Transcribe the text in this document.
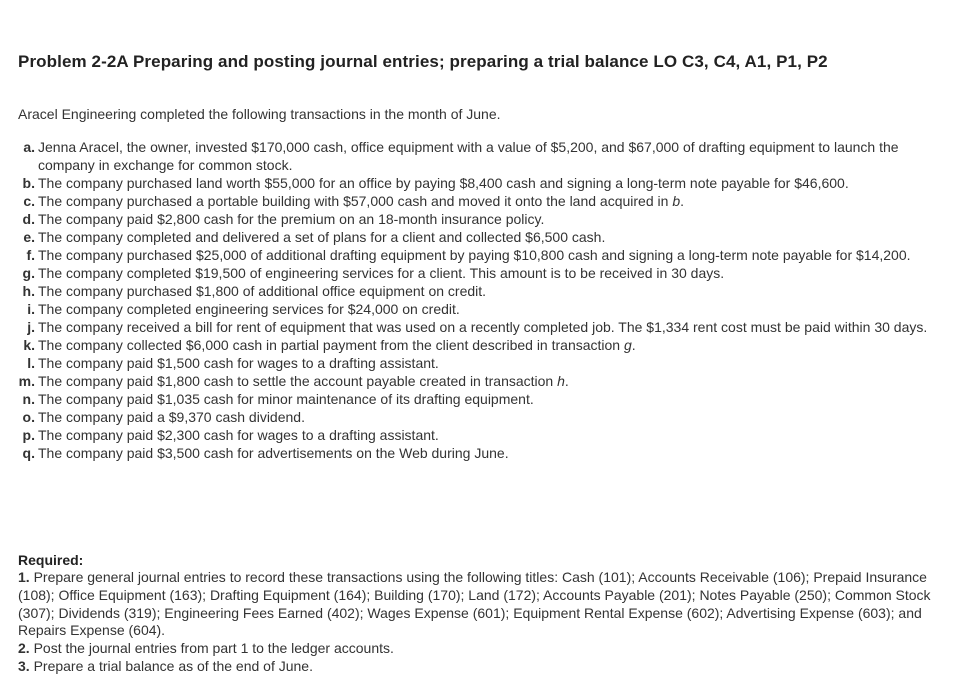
Problem 2-2A Preparing and posting journal entries; preparing a trial balance LO C3, C4, A1, P1, P2
Aracel Engineering completed the following transactions in the month of June.
a. Jenna Aracel, the owner, invested $170,000 cash, office equipment with a value of $5,200, and $67,000 of drafting equipment to launch the company in exchange for common stock.
b. The company purchased land worth $55,000 for an office by paying $8,400 cash and signing a long-term note payable for $46,600.
c. The company purchased a portable building with $57,000 cash and moved it onto the land acquired in b.
d. The company paid $2,800 cash for the premium on an 18-month insurance policy.
e. The company completed and delivered a set of plans for a client and collected $6,500 cash.
f. The company purchased $25,000 of additional drafting equipment by paying $10,800 cash and signing a long-term note payable for $14,200.
g. The company completed $19,500 of engineering services for a client. This amount is to be received in 30 days.
h. The company purchased $1,800 of additional office equipment on credit.
i. The company completed engineering services for $24,000 on credit.
j. The company received a bill for rent of equipment that was used on a recently completed job. The $1,334 rent cost must be paid within 30 days.
k. The company collected $6,000 cash in partial payment from the client described in transaction g.
l. The company paid $1,500 cash for wages to a drafting assistant.
m. The company paid $1,800 cash to settle the account payable created in transaction h.
n. The company paid $1,035 cash for minor maintenance of its drafting equipment.
o. The company paid a $9,370 cash dividend.
p. The company paid $2,300 cash for wages to a drafting assistant.
q. The company paid $3,500 cash for advertisements on the Web during June.
Required:
1. Prepare general journal entries to record these transactions using the following titles: Cash (101); Accounts Receivable (106); Prepaid Insurance (108); Office Equipment (163); Drafting Equipment (164); Building (170); Land (172); Accounts Payable (201); Notes Payable (250); Common Stock (307); Dividends (319); Engineering Fees Earned (402); Wages Expense (601); Equipment Rental Expense (602); Advertising Expense (603); and Repairs Expense (604).
2. Post the journal entries from part 1 to the ledger accounts.
3. Prepare a trial balance as of the end of June.
